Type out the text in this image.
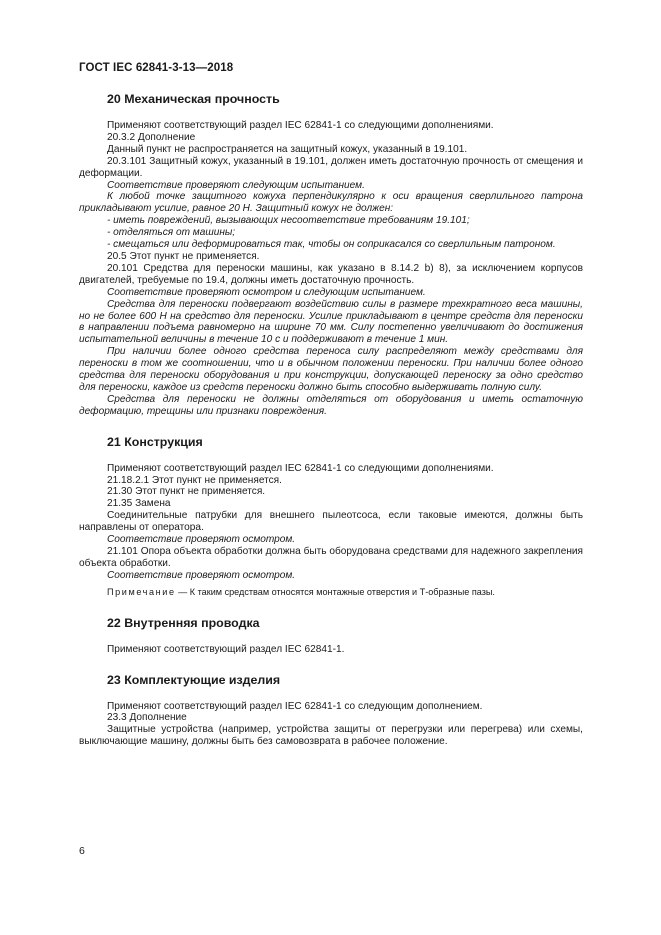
ГОСТ IEC 62841-3-13—2018
20 Механическая прочность

Применяют соответствующий раздел IEC 62841-1 со следующими дополнениями.

20.3.2 Дополнение

Данный пункт не распространяется на защитный кожух, указанный в 19.101.

20.3.101 Защитный кожух, указанный в 19.101, должен иметь достаточную прочность от смещения и деформации.

Соответствие проверяют следующим испытанием.

К любой точке защитного кожуха перпендикулярно к оси вращения сверлильного патрона прикладывают усилие, равное 20 Н. Защитный кожух не должен:

- иметь повреждений, вызывающих несоответствие требованиям 19.101;

- отделяться от машины;

- смещаться или деформироваться так, чтобы он соприкасался со сверлильным патроном.

20.5 Этот пункт не применяется.

20.101 Средства для переноски машины, как указано в 8.14.2 b) 8), за исключением корпусов двигателей, требуемые по 19.4, должны иметь достаточную прочность.

Соответствие проверяют осмотром и следующим испытанием.

Средства для переноски подвергают воздействию силы в размере трехкратного веса машины, но не более 600 Н на средство для переноски. Усилие прикладывают в центре средств для переноски в направлении подъема равномерно на ширине 70 мм. Силу постепенно увеличивают до достижения испытательной величины в течение 10 с и поддерживают в течение 1 мин.

При наличии более одного средства переноса силу распределяют между средствами для переноски в том же соотношении, что и в обычном положении переноски. При наличии более одного средства для переноски оборудования и при конструкции, допускающей переноску за одно средство для переноски, каждое из средств переноски должно быть способно выдерживать полную силу.

Средства для переноски не должны отделяться от оборудования и иметь остаточную деформацию, трещины или признаки повреждения.

21 Конструкция

Применяют соответствующий раздел IEC 62841-1 со следующими дополнениями.

21.18.2.1 Этот пункт не применяется.

21.30 Этот пункт не применяется.

21.35 Замена

Соединительные патрубки для внешнего пылеотсоса, если таковые имеются, должны быть направлены от оператора.

Соответствие проверяют осмотром.

21.101 Опора объекта обработки должна быть оборудована средствами для надежного закрепления объекта обработки.

Соответствие проверяют осмотром.

Примечание — К таким средствам относятся монтажные отверстия и Т-образные пазы.

22 Внутренняя проводка

Применяют соответствующий раздел IEC 62841-1.

23 Комплектующие изделия

Применяют соответствующий раздел IEC 62841-1 со следующим дополнением.

23.3 Дополнение

Защитные устройства (например, устройства защиты от перегрузки или перегрева) или схемы, выключающие машину, должны быть без самовозврата в рабочее положение.

6
